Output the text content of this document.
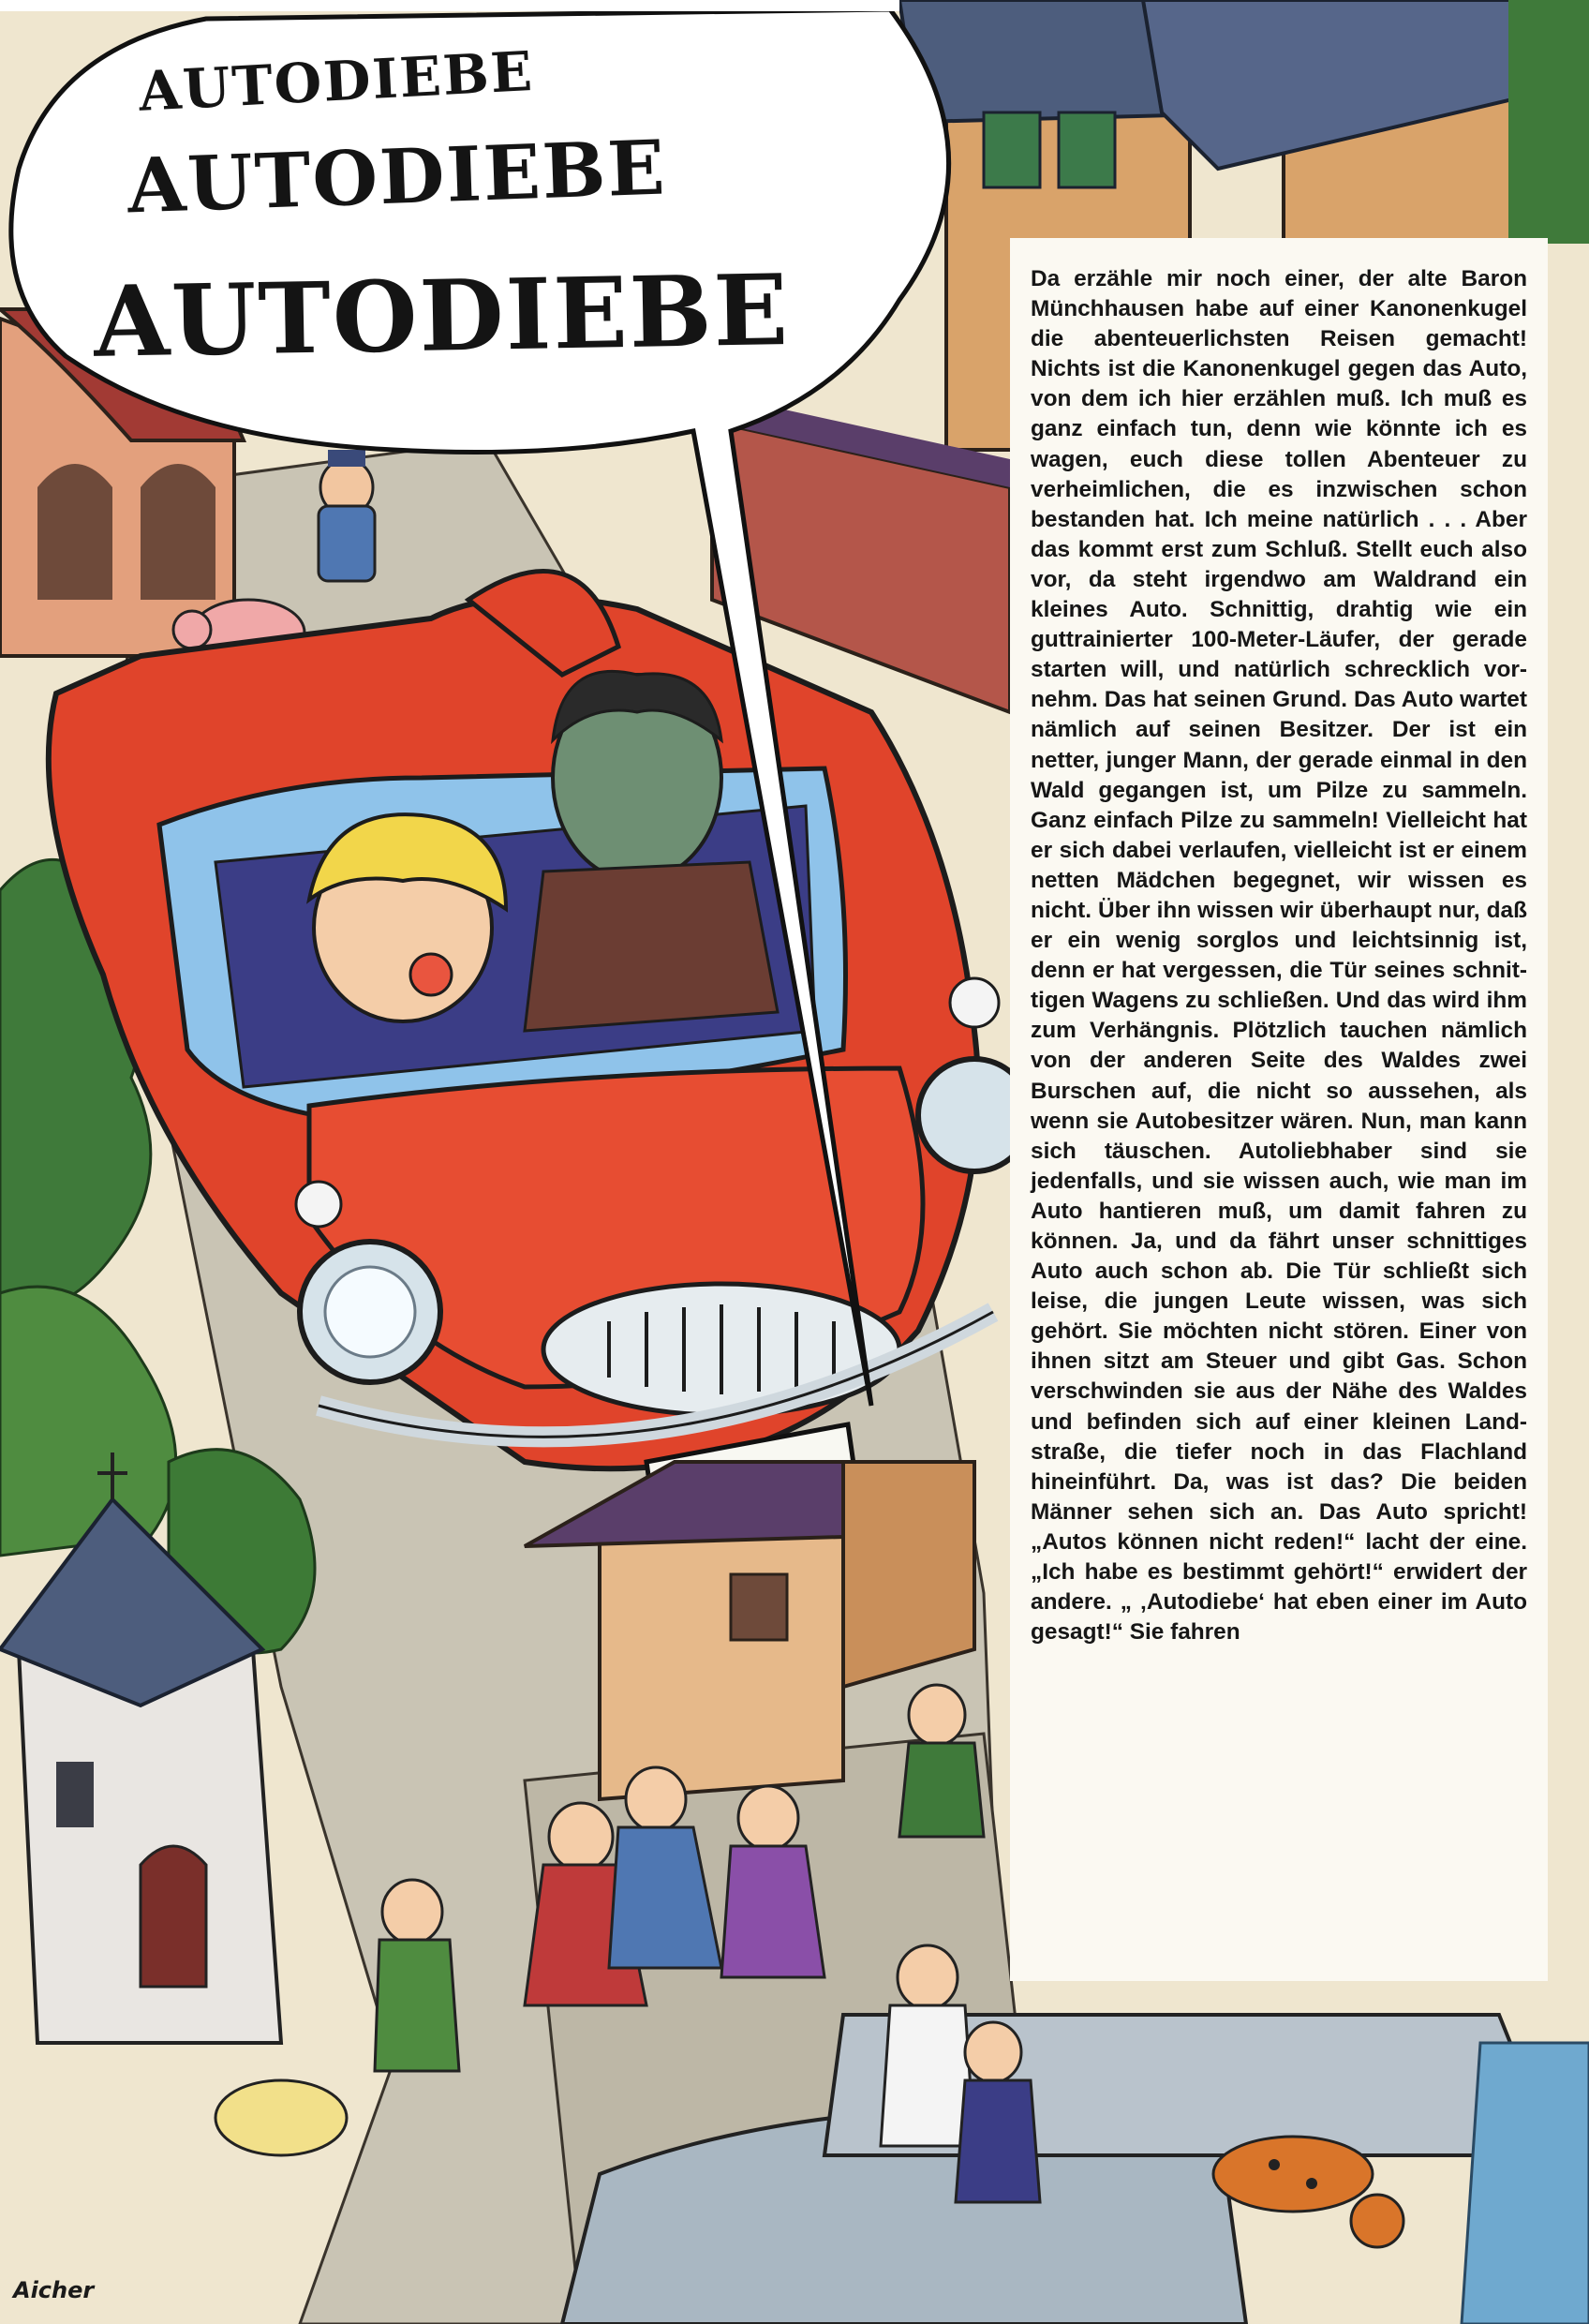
AUTODIEBE
AUTODIEBE
AUTODIEBE
Aicher

Da erzähle mir noch einer, der alte Baron Münchhausen habe auf einer Kanonenkugel die abenteuerlichsten Reisen gemacht! Nichts ist die Kanonenkugel gegen das Auto, von dem ich hier erzählen muß. Ich muß es ganz einfach tun, denn wie könnte ich es wagen, euch diese tollen Abenteuer zu verheimlichen, die es inzwischen schon bestanden hat. Ich meine natürlich . . . Aber das kommt erst zum Schluß. Stellt euch also vor, da steht irgendwo am Waldrand ein kleines Auto. Schnittig, drahtig wie ein guttrainierter 100-Meter-Läufer, der gerade starten will, und natürlich schrecklich vornehm. Das hat seinen Grund. Das Auto wartet nämlich auf seinen Besitzer. Der ist ein netter, junger Mann, der gerade einmal in den Wald gegangen ist, um Pilze zu sammeln. Ganz einfach Pilze zu sammeln! Vielleicht hat er sich dabei verlaufen, vielleicht ist er einem netten Mädchen begegnet, wir wissen es nicht. Über ihn wissen wir überhaupt nur, daß er ein wenig sorglos und leichtsinnig ist, denn er hat vergessen, die Tür seines schnittigen Wagens zu schließen. Und das wird ihm zum Verhängnis. Plötzlich tauchen nämlich von der anderen Seite des Waldes zwei Burschen auf, die nicht so aussehen, als wenn sie Autobesitzer wären. Nun, man kann sich täuschen. Autoliebhaber sind sie jedenfalls, und sie wissen auch, wie man im Auto hantieren muß, um damit fahren zu können. Ja, und da fährt unser schnittiges Auto auch schon ab. Die Tür schließt sich leise, die jungen Leute wissen, was sich gehört. Sie möchten nicht stören. Einer von ihnen sitzt am Steuer und gibt Gas. Schon verschwinden sie aus der Nähe des Waldes und befinden sich auf einer kleinen Landstraße, die tiefer noch in das Flachland hineinführt. Da, was ist das? Die beiden Männer sehen sich an. Das Auto spricht! „Autos können nicht reden!“ lacht der eine. „Ich habe es bestimmt gehört!“ erwidert der andere. „ ‚Autodiebe‘ hat eben einer im Auto gesagt!“ Sie fahren
